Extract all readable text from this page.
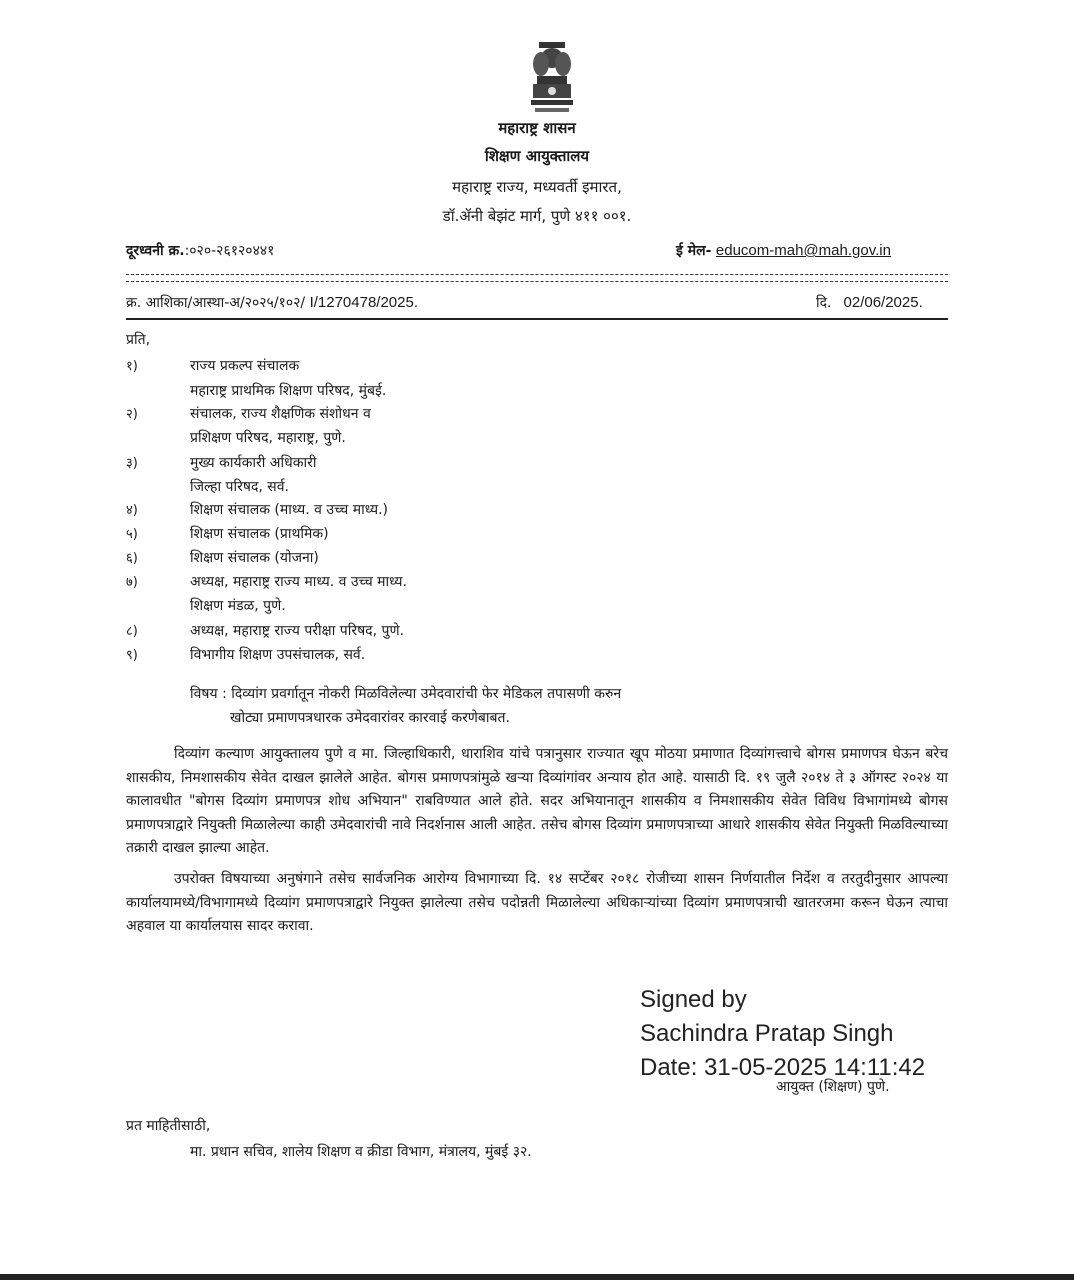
महाराष्ट्र शासन
शिक्षण आयुक्तालय
महाराष्ट्र राज्य, मध्यवर्ती इमारत,
डॉ.ॲनी बेझंट मार्ग, पुणे ४११ ००१.
दूरध्वनी क्र.:०२०-२६१२०४४१	ई मेल- educom-mah@mah.gov.in
क्र. आशिका/आस्था-अ/२०२५/१०२/ I/1270478/2025.	दि. 02/06/2025.
प्रति,
१)	राज्य प्रकल्प संचालक
महाराष्ट्र प्राथमिक शिक्षण परिषद, मुंबई.
२)	संचालक, राज्य शैक्षणिक संशोधन व
प्रशिक्षण परिषद, महाराष्ट्र, पुणे.
३)	मुख्य कार्यकारी अधिकारी
जिल्हा परिषद, सर्व.
४)	शिक्षण संचालक (माध्य. व उच्च माध्य.)
५)	शिक्षण संचालक (प्राथमिक)
६)	शिक्षण संचालक (योजना)
७)	अध्यक्ष, महाराष्ट्र राज्य माध्य. व उच्च माध्य.
शिक्षण मंडळ, पुणे.
८)	अध्यक्ष, महाराष्ट्र राज्य परीक्षा परिषद, पुणे.
९)	विभागीय शिक्षण उपसंचालक, सर्व.
विषय : दिव्यांग प्रवर्गातून नोकरी मिळविलेल्या उमेदवारांची फेर मेडिकल तपासणी करुन
खोट्या प्रमाणपत्रधारक उमेदवारांवर कारवाई करणेबाबत.

दिव्यांग कल्याण आयुक्तालय पुणे व मा. जिल्हाधिकारी, धाराशिव यांचे पत्रानुसार राज्यात खूप मोठया प्रमाणात दिव्यांगत्त्वाचे बोगस प्रमाणपत्र घेऊन बरेच शासकीय, निमशासकीय सेवेत दाखल झालेले आहेत. बोगस प्रमाणपत्रांमुळे खऱ्या दिव्यांगांवर अन्याय होत आहे. यासाठी दि. १९ जुलै २०१४ ते ३ ऑगस्ट २०२४ या कालावधीत "बोगस दिव्यांग प्रमाणपत्र शोध अभियान" राबविण्यात आले होते. सदर अभियानातून शासकीय व निमशासकीय सेवेत विविध विभागांमध्ये बोगस प्रमाणपत्राद्वारे नियुक्ती मिळालेल्या काही उमेदवारांची नावे निदर्शनास आली आहेत. तसेच बोगस दिव्यांग प्रमाणपत्राच्या आधारे शासकीय सेवेत नियुक्ती मिळविल्याच्या तक्रारी दाखल झाल्या आहेत.

उपरोक्त विषयाच्या अनुषंगाने तसेच सार्वजनिक आरोग्य विभागाच्या दि. १४ सप्टेंबर २०१८ रोजीच्या शासन निर्णयातील निर्देश व तरतुदीनुसार आपल्या कार्यालयामध्ये/विभागामध्ये दिव्यांग प्रमाणपत्राद्वारे नियुक्त झालेल्या तसेच पदोन्नती मिळालेल्या अधिकाऱ्यांच्या दिव्यांग प्रमाणपत्राची खातरजमा करून घेऊन त्याचा अहवाल या कार्यालयास सादर करावा.

Signed by
Sachindra Pratap Singh
Date: 31-05-2025 14:11:42
आयुक्त (शिक्षण) पुणे.
प्रत माहितीसाठी,
मा. प्रधान सचिव, शालेय शिक्षण व क्रीडा विभाग, मंत्रालय, मुंबई ३२.
